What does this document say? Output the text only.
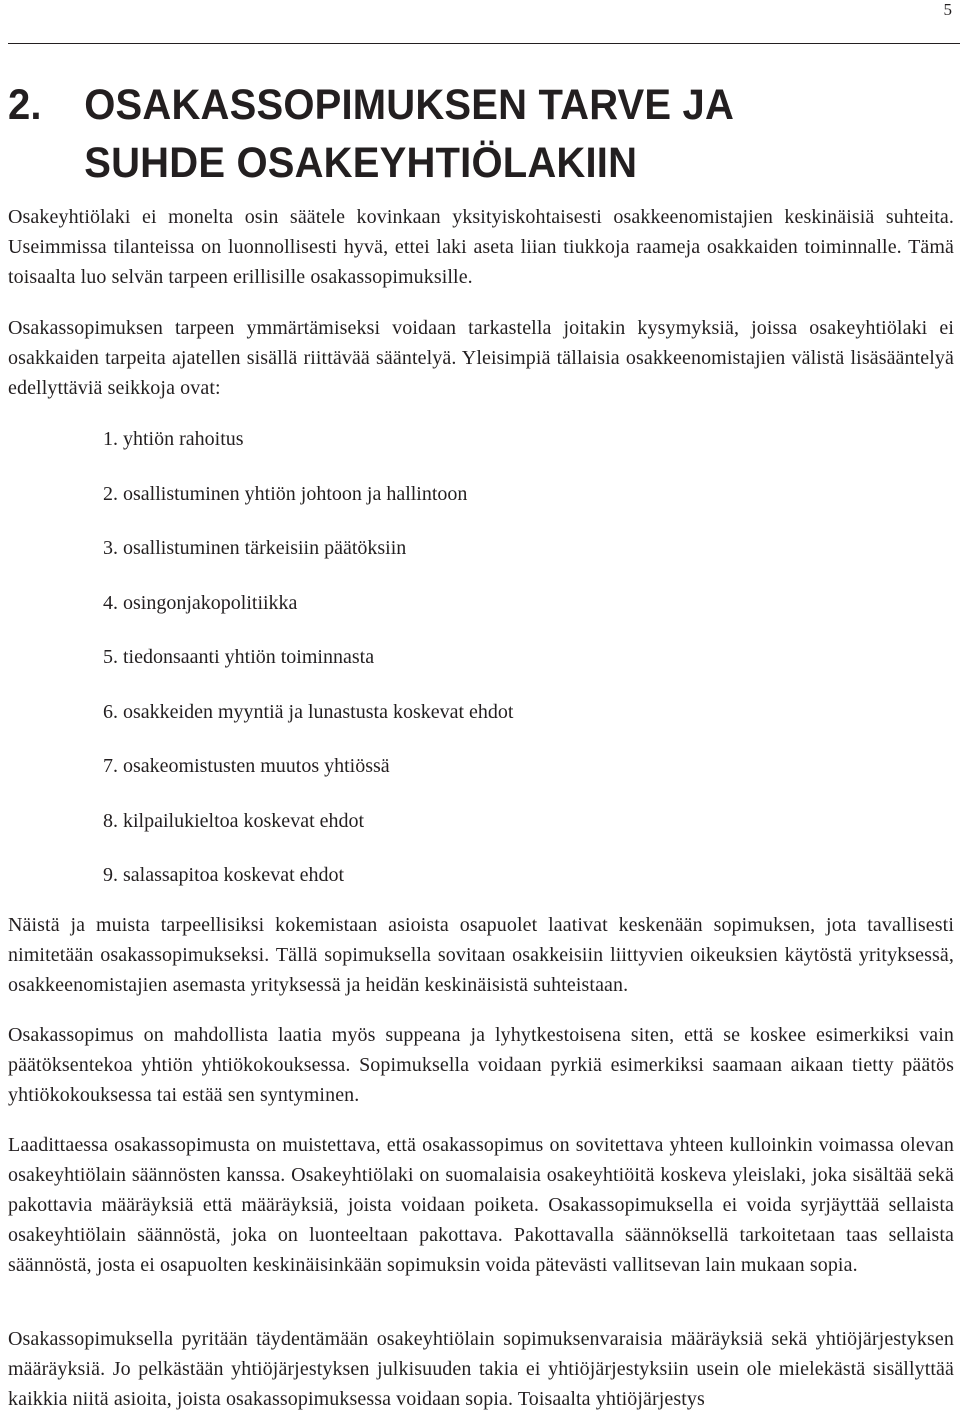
5
2. OSAKASSOPIMUKSEN TARVE JA
SUHDE OSAKEYHTIÖLAKIIN

Osakeyhtiölaki ei monelta osin säätele kovinkaan yksityiskohtaisesti osakkeenomistajien keskinäisiä suhteita. Useimmissa tilanteissa on luonnollisesti hyvä, ettei laki aseta liian tiukkoja raameja osakkaiden toiminnalle. Tämä toisaalta luo selvän tarpeen erillisille osakassopimuksille.

Osakassopimuksen tarpeen ymmärtämiseksi voidaan tarkastella joitakin kysymyksiä, joissa osakeyhtiölaki ei osakkaiden tarpeita ajatellen sisällä riittävää sääntelyä. Yleisimpiä tällaisia osakkeenomistajien välistä lisäsääntelyä edellyttäviä seikkoja ovat:

1. yhtiön rahoitus
2. osallistuminen yhtiön johtoon ja hallintoon
3. osallistuminen tärkeisiin päätöksiin
4. osingonjakopolitiikka
5. tiedonsaanti yhtiön toiminnasta
6. osakkeiden myyntiä ja lunastusta koskevat ehdot
7. osakeomistusten muutos yhtiössä
8. kilpailukieltoa koskevat ehdot
9. salassapitoa koskevat ehdot

Näistä ja muista tarpeellisiksi kokemistaan asioista osapuolet laativat keskenään sopimuksen, jota tavallisesti nimitetään osakassopimukseksi. Tällä sopimuksella sovitaan osakkeisiin liittyvien oikeuksien käytöstä yrityksessä, osakkeenomistajien asemasta yrityksessä ja heidän keskinäisistä suhteistaan.

Osakassopimus on mahdollista laatia myös suppeana ja lyhytkestoisena siten, että se koskee esimerkiksi vain päätöksentekoa yhtiön yhtiökokouksessa. Sopimuksella voidaan pyrkiä esimerkiksi saamaan aikaan tietty päätös yhtiökokouksessa tai estää sen syntyminen.

Laadittaessa osakassopimusta on muistettava, että osakassopimus on sovitettava yhteen kulloinkin voimassa olevan osakeyhtiölain säännösten kanssa. Osakeyhtiölaki on suomalaisia osakeyhtiöitä koskeva yleislaki, joka sisältää sekä pakottavia määräyksiä että määräyksiä, joista voidaan poiketa. Osakassopimuksella ei voida syrjäyttää sellaista osakeyhtiölain säännöstä, joka on luonteeltaan pakottava. Pakottavalla säännöksellä tarkoitetaan taas sellaista säännöstä, josta ei osapuolten keskinäisinkään sopimuksin voida pätevästi vallitsevan lain mukaan sopia.

Osakassopimuksella pyritään täydentämään osakeyhtiölain sopimuksenvaraisia määräyksiä sekä yhtiöjärjestyksen määräyksiä. Jo pelkästään yhtiöjärjestyksen julkisuuden takia ei yhtiöjärjestyksiin usein ole mielekästä sisällyttää kaikkia niitä asioita, joista osakassopimuksessa voidaan sopia. Toisaalta yhtiöjärjestys
